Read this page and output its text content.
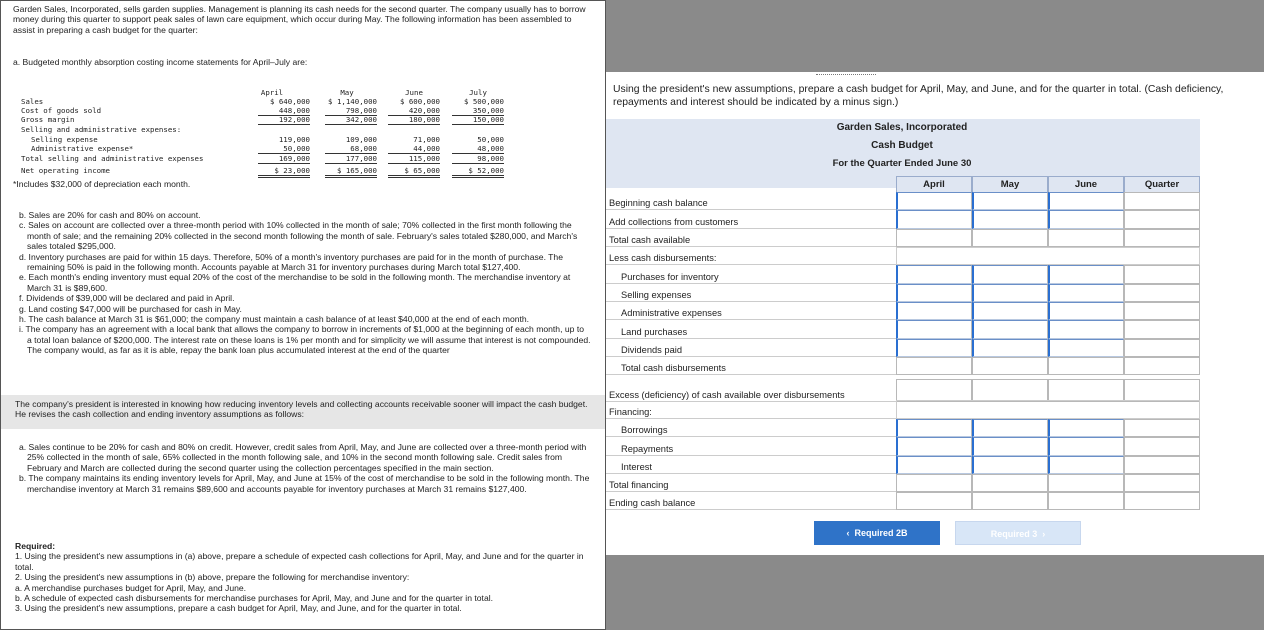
Garden Sales, Incorporated, sells garden supplies. Management is planning its cash needs for the second quarter. The company usually has to borrow money during this quarter to support peak sales of lawn care equipment, which occur during May. The following information has been assembled to assist in preparing a cash budget for the quarter:

a. Budgeted monthly absorption costing income statements for April–July are:

April	May	June	July
Sales	$ 640,000	$ 1,140,000	$ 600,000	$ 500,000
Cost of goods sold	448,000	798,000	420,000	350,000
Gross margin	192,000	342,000	180,000	150,000
Selling and administrative expenses:
Selling expense	119,000	109,000	71,000	50,000
Administrative expense*	50,000	68,000	44,000	48,000
Total selling and administrative expenses	169,000	177,000	115,000	98,000
Net operating income	$ 23,000	$ 165,000	$ 65,000	$ 52,000

*Includes $32,000 of depreciation each month.

b. Sales are 20% for cash and 80% on account.

c. Sales on account are collected over a three-month period with 10% collected in the month of sale; 70% collected in the first month following the month of sale; and the remaining 20% collected in the second month following the month of sale. February's sales totaled $280,000, and March's sales totaled $295,000.

d. Inventory purchases are paid for within 15 days. Therefore, 50% of a month's inventory purchases are paid for in the month of purchase. The remaining 50% is paid in the following month. Accounts payable at March 31 for inventory purchases during March total $127,400.

e. Each month's ending inventory must equal 20% of the cost of the merchandise to be sold in the following month. The merchandise inventory at March 31 is $89,600.

f. Dividends of $39,000 will be declared and paid in April.

g. Land costing $47,000 will be purchased for cash in May.

h. The cash balance at March 31 is $61,000; the company must maintain a cash balance of at least $40,000 at the end of each month.

i. The company has an agreement with a local bank that allows the company to borrow in increments of $1,000 at the beginning of each month, up to a total loan balance of $200,000. The interest rate on these loans is 1% per month and for simplicity we will assume that interest is not compounded. The company would, as far as it is able, repay the bank loan plus accumulated interest at the end of the quarter

The company's president is interested in knowing how reducing inventory levels and collecting accounts receivable sooner will impact the cash budget. He revises the cash collection and ending inventory assumptions as follows:

a. Sales continue to be 20% for cash and 80% on credit. However, credit sales from April, May, and June are collected over a three-month period with 25% collected in the month of sale, 65% collected in the month following sale, and 10% in the second month following sale. Credit sales from February and March are collected during the second quarter using the collection percentages specified in the main section.

b. The company maintains its ending inventory levels for April, May, and June at 15% of the cost of merchandise to be sold in the following month. The merchandise inventory at March 31 remains $89,600 and accounts payable for inventory purchases at March 31 remains $127,400.

Required:

1. Using the president's new assumptions in (a) above, prepare a schedule of expected cash collections for April, May, and June and for the quarter in total.

2. Using the president's new assumptions in (b) above, prepare the following for merchandise inventory:

a. A merchandise purchases budget for April, May, and June.

b. A schedule of expected cash disbursements for merchandise purchases for April, May, and June and for the quarter in total.

3. Using the president's new assumptions, prepare a cash budget for April, May, and June, and for the quarter in total.

Using the president's new assumptions, prepare a cash budget for April, May, and June, and for the quarter in total. (Cash deficiency, repayments and interest should be indicated by a minus sign.)

Garden Sales, Incorporated
Cash Budget
For the Quarter Ended June 30
April	May	June	Quarter
Beginning cash balance
Add collections from customers
Total cash available
Less cash disbursements:
Purchases for inventory
Selling expenses
Administrative expenses
Land purchases
Dividends paid
Total cash disbursements
Excess (deficiency) of cash available over disbursements
Financing:
Borrowings
Repayments
Interest
Total financing
Ending cash balance
‹ Required 2B	Required 3 ›
